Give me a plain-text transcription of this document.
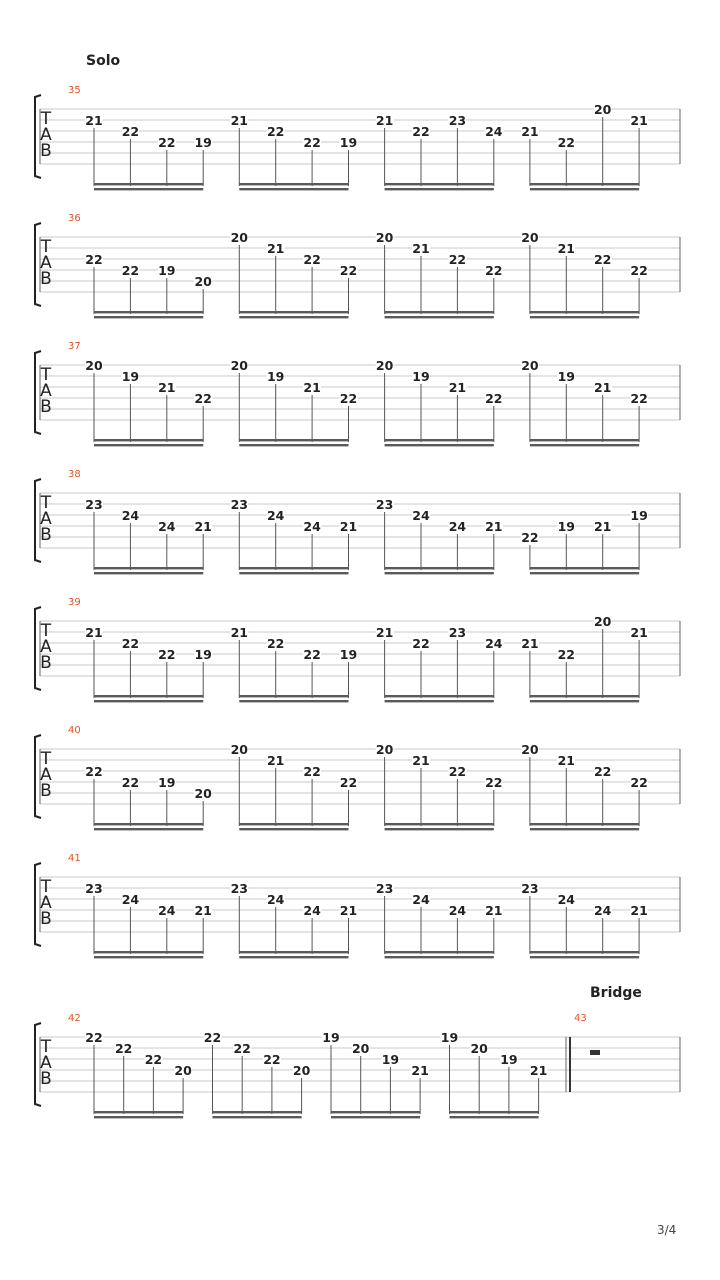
T
A
B
21
22
22 19
21
22
22 19
21
22
23
24 21
22
20
21
T
A
B
22
22 19
20
20
21
22
22
20
21
22
22
20
21
22
22
T
A
B
20
19
21
22
20
19
21
22
20
19
21
22
20
19
21
22
T
A
B
23
24
24 21
23
24
24 21
23
24
24 21
22
19 21
19
T
A
B
21
22
22 19
21
22
22 19
21
22
23
24 21
22
20
21
T
A
B
22
22 19
20
20
21
22
22
20
21
22
22
20
21
22
22
T
A
B
23
24
24 21
23
24
24 21
23
24
24 21
23
24
24 21
T
A
B
22
22
22
20
22
22
22
20
19
20
19
21
19
20
19
21
Solo
35
36
37
38
39
40
41
42	43
Bridge
3/4
